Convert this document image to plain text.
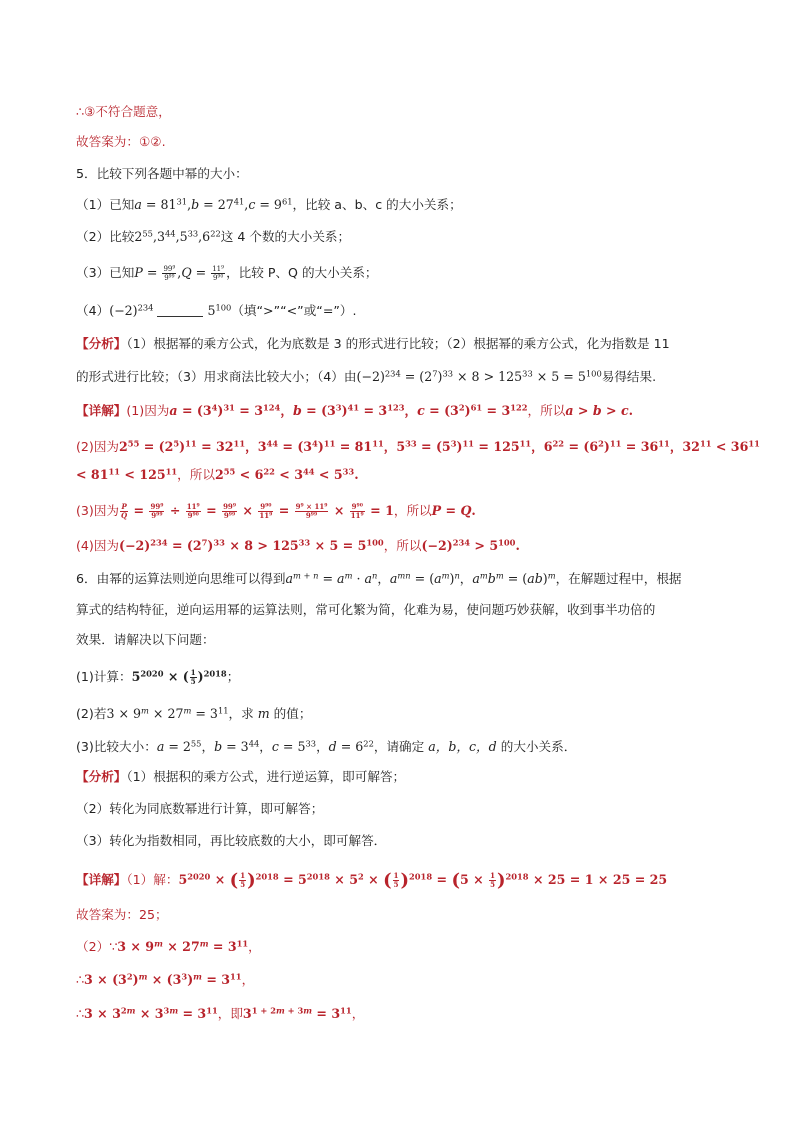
∴③不符合题意，
故答案为：①②.
5．比较下列各题中幂的大小：
（1）已知$a = 81^{31},b = 27^{41},c = 9^{61}$，比较 a、b、c 的大小关系；
（2）比较$2^{55},3^{44},5^{33},6^{22}$这 4 个数的大小关系；
（3）已知$P = \frac{99^9}{9^{99}} ,Q = \frac{11^9}{9^{90}}$ ，比较 P、Q 的大小关系；
$(4)(-2)^{234}$	$5^{100}$（填“>”“<”或“=”）.
【分析】（1）根据幂的乘方公式，化为底数是 3 的形式进行比较；（2）根据幂的乘方公式，化为指数是 11
的形式进行比较；（3）用求商法比较大小；（4）由$(-2)^{234} = (2^7)^{33} \times 8 > 125^{33} \times 5 = 5^{100}$易得结果.
【详解】(1)因为$a = (3^4)^{31} = 3^{124}$，$b = (3^3)^{41} = 3^{123}$，$c = (3^2)^{61} = 3^{122}$，所以a > b > c.
(2)因为$2^{55} = (2^5)^{11} = 32^{11}$，$3^{44} = (3^4)^{11} = 81^{11}$，$5^{33} = (5^3)^{11} = 125^{11}$，$6^{22} = (6^2)^{11} = 36^{11}$，$32^{11} < 36^{11}$
< $81^{11} < 125^{11}$，所以$2^{55} < 6^{22} < 3^{44} < 5^{33}$.
(3)因为 $\frac{P}{Q} = \frac{99^9}{9^{99}} \div \frac{11^9}{9^{90}} = \frac{99^9}{9^{99}} \times \frac{9^{90}}{11^9} = \frac{9^9 \times 11^9}{9^{99}} \times \frac{9^{90}}{11^9} = 1$，所以P = Q.
(4)因为$(-2)^{234} = (2^7)^{33} \times 8 > 125^{33} \times 5 = 5^{100}$，所以$(-2)^{234} > 5^{100}$.
6．由幂的运算法则逆向思维可以得到$a^{m + n} = a^m \cdot a^n$，$a^{mn} = (a^m)^n$，$a^mb^m = (ab)^m$，在解题过程中，根据
算式的结构特征，逆向运用幂的运算法则，常可化繁为简，化难为易，使问题巧妙获解，收到事半功倍的
效果．请解决以下问题：
(1)计算：$5^{2020}$ × ( $\frac{1}{5} )^{2018}$；
(2)若$3 \times 9^m \times 27^m = 3^{11}$，求 m 的值；
(3)比较大小：$a = 2^{55}$，$b = 3^{44}$，$c = 5^{33}$，$d = 6^{22}$，请确定 a，b，c，d 的大小关系．
【分析】（1）根据积的乘方公式，进行逆运算，即可解答；
（2）转化为同底数幂进行计算，即可解答；
（3）转化为指数相同，再比较底数的大小，即可解答．
【详解】（1）解：$5^{2020}$ × ( $\frac{1}{5} )^{2018} = 5^{2018} \times 5^2$ × ( $\frac{1}{5} )^{2018} = (5 \times \frac{1}{5} )^{2018} \times 25 = 1 \times 25 = 25$
故答案为：25；
（2）∵3 × $9^m \times 27^m = 3^{11}$，
∴3 × $(3^2)^m \times (3^3)^m = 3^{11}$，
∴3 × $3^{2m} \times 3^{3m} = 3^{11}$，即$3^{1 + 2m + 3m} = 3^{11}$，
